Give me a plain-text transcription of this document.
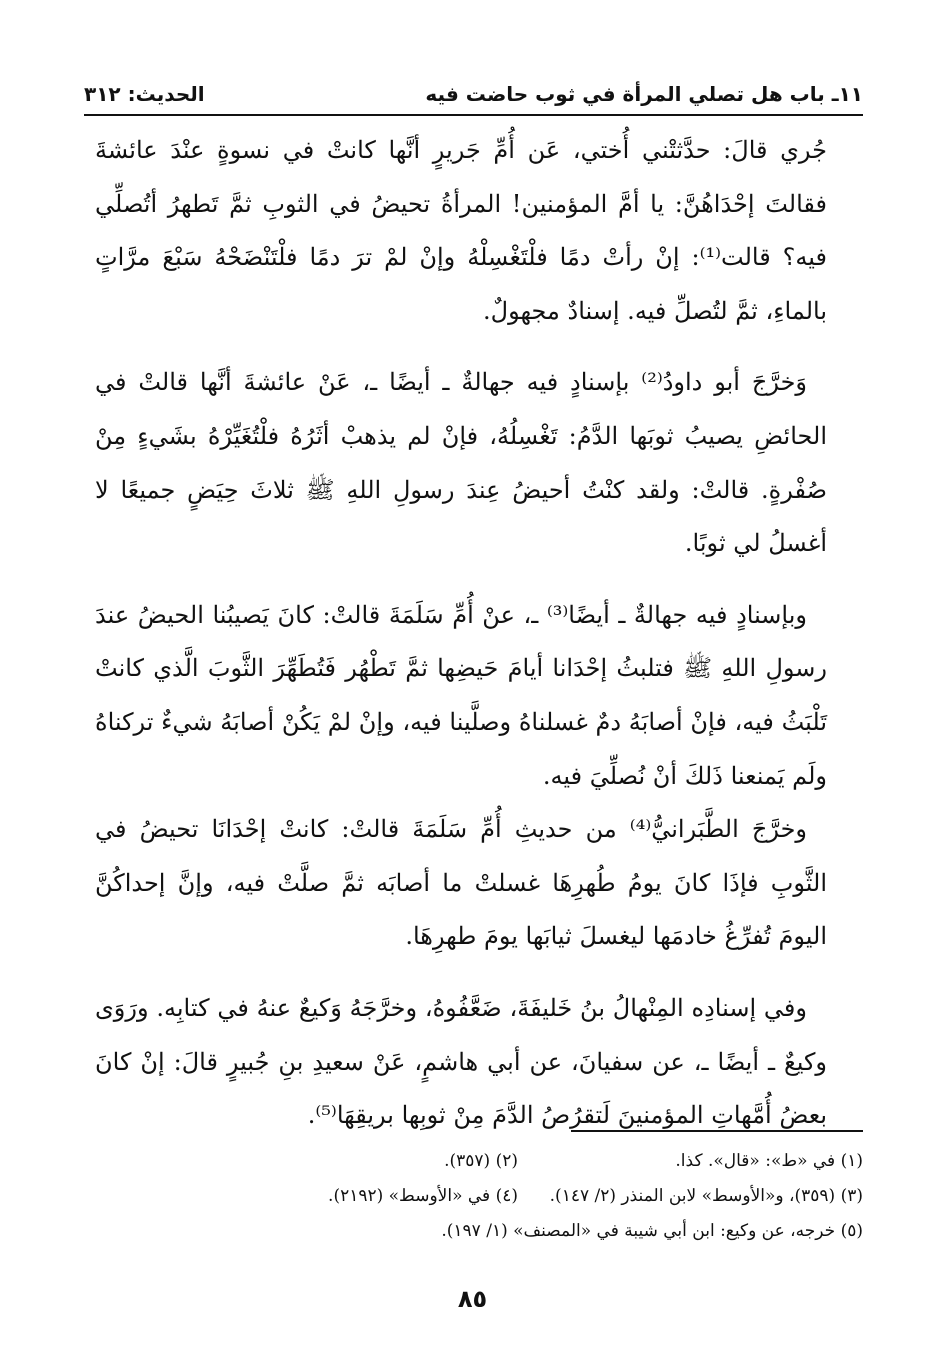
١١ـ باب هل تصلي المرأة في ثوب حاضت فيه
الحديث: ٣١٢

جُري قالَ: حدَّثتْني أُختي، عَن أُمِّ جَريرٍ أنَّها كانتْ في نسوةٍ عنْدَ عائشةَ فقالتَ إحْدَاهُنَّ: يا أمَّ المؤمنين! المرأةُ تحيضُ في الثوبِ ثمَّ تَطهرُ أتُصلِّي فيه؟ قالت⁽¹⁾: إنْ رأتْ دمًا فلْتَغْسِلْهُ وإنْ لمْ ترَ دمًا فلْتَنْضَحْهُ سَبْعَ مرَّاتٍ بالماءِ، ثمَّ لتُصلِّ فيه. إسنادٌ مجهولٌ.

وَخرَّجَ أبو داودُ⁽²⁾ بإسنادٍ فيه جهالةٌ ـ أيضًا ـ، عَنْ عائشةَ أنَّها قالتْ في الحائضِ يصيبُ ثوبَها الدَّمُ: تَغْسِلُهُ، فإنْ لم يذهبْ أثَرُهُ فلْتُغَيِّرْهُ بشَيءٍ مِنْ صُفْرةٍ. قالتْ: ولقد كنْتُ أحيضُ عِندَ رسولِ اللهِ ﷺ ثلاثَ حِيَضٍ جميعًا لا أغسلُ لي ثوبًا.

وبإسنادٍ فيه جهالةٌ ـ أيضًا⁽³⁾ ـ، عنْ أُمِّ سَلَمَةَ قالتْ: كانَ يَصيبُنا الحيضُ عندَ رسولِ اللهِ ﷺ فتلبثُ إحْدَانا أيامَ حَيضِها ثمَّ تَطْهُر فَتُطَهِّرَ الثَّوبَ الَّذي كانتْ تَلْبَثُ فيه، فإنْ أصابَهُ دمٌ غسلناهُ وصلَّينا فيه، وإنْ لمْ يَكُنْ أصابَهُ شيءٌ تركناهُ ولَم يَمنعنا ذَلكَ أنْ نُصلِّيَ فيه.

وخرَّجَ الطَّبَرانيُّ⁽⁴⁾ من حديثِ أُمِّ سَلَمَةَ قالتْ: كانتْ إحْدَانَا تحيضُ في الثَّوبِ فإذَا كانَ يومُ طُهرِهَا غسلتْ ما أصابَه ثمَّ صلَّتْ فيه، وإنَّ إحداكُنَّ اليومَ تُفرِّغُ خادمَها ليغسلَ ثيابَها يومَ طهرِهَا.

وفي إسنادِه المِنْهالُ بنُ خَليفَةَ، ضَعَّفُوهُ، وخرَّجَهُ وَكيعٌ عنهُ في كتابِه. ورَوَى وكيعٌ ـ أيضًا ـ، عن سفيانَ، عن أبي هاشمٍ، عَنْ سعيدِ بنِ جُبيرٍ قالَ: إنْ كانَ بعضُ أُمَّهاتِ المؤمنينَ لَتقرُصُ الدَّمَ مِنْ ثوبِها بريقِهَا⁽⁵⁾.

(١) في «ط»: «قال». كذا.
(٢) (٣٥٧).
(٣) (٣٥٩)، و«الأوسط» لابن المنذر (٢/ ١٤٧).
(٤) في «الأوسط» (٢١٩٢).
(٥) خرجه، عن وكيع: ابن أبي شيبة في «المصنف» (١/ ١٩٧).
٨٥
